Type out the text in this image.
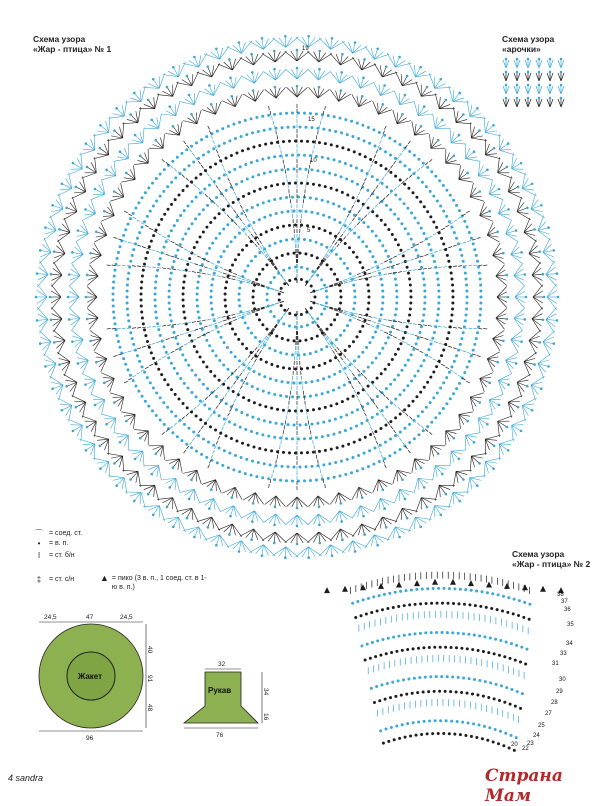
Схема узора
«Жар - птица» № 1
Схема узора
«арочки»
Схема узора
«Жар - птица» № 2
⌒ = соед. ст.
•	= в. п.
ǀ	= ст. б/н
‡	= ст. с/н	▲ = пико (3 в. п., 1 соед. ст. в 1-ю в. п.)
Жакет
24,5	47	24,5
40
91
48
96
32
Рукав	34
16
76
19
15
10
5
38
37
36
35
34
33
31
30
29
28
27
25
24
23
22
20
4 sandra	Страна Мам
